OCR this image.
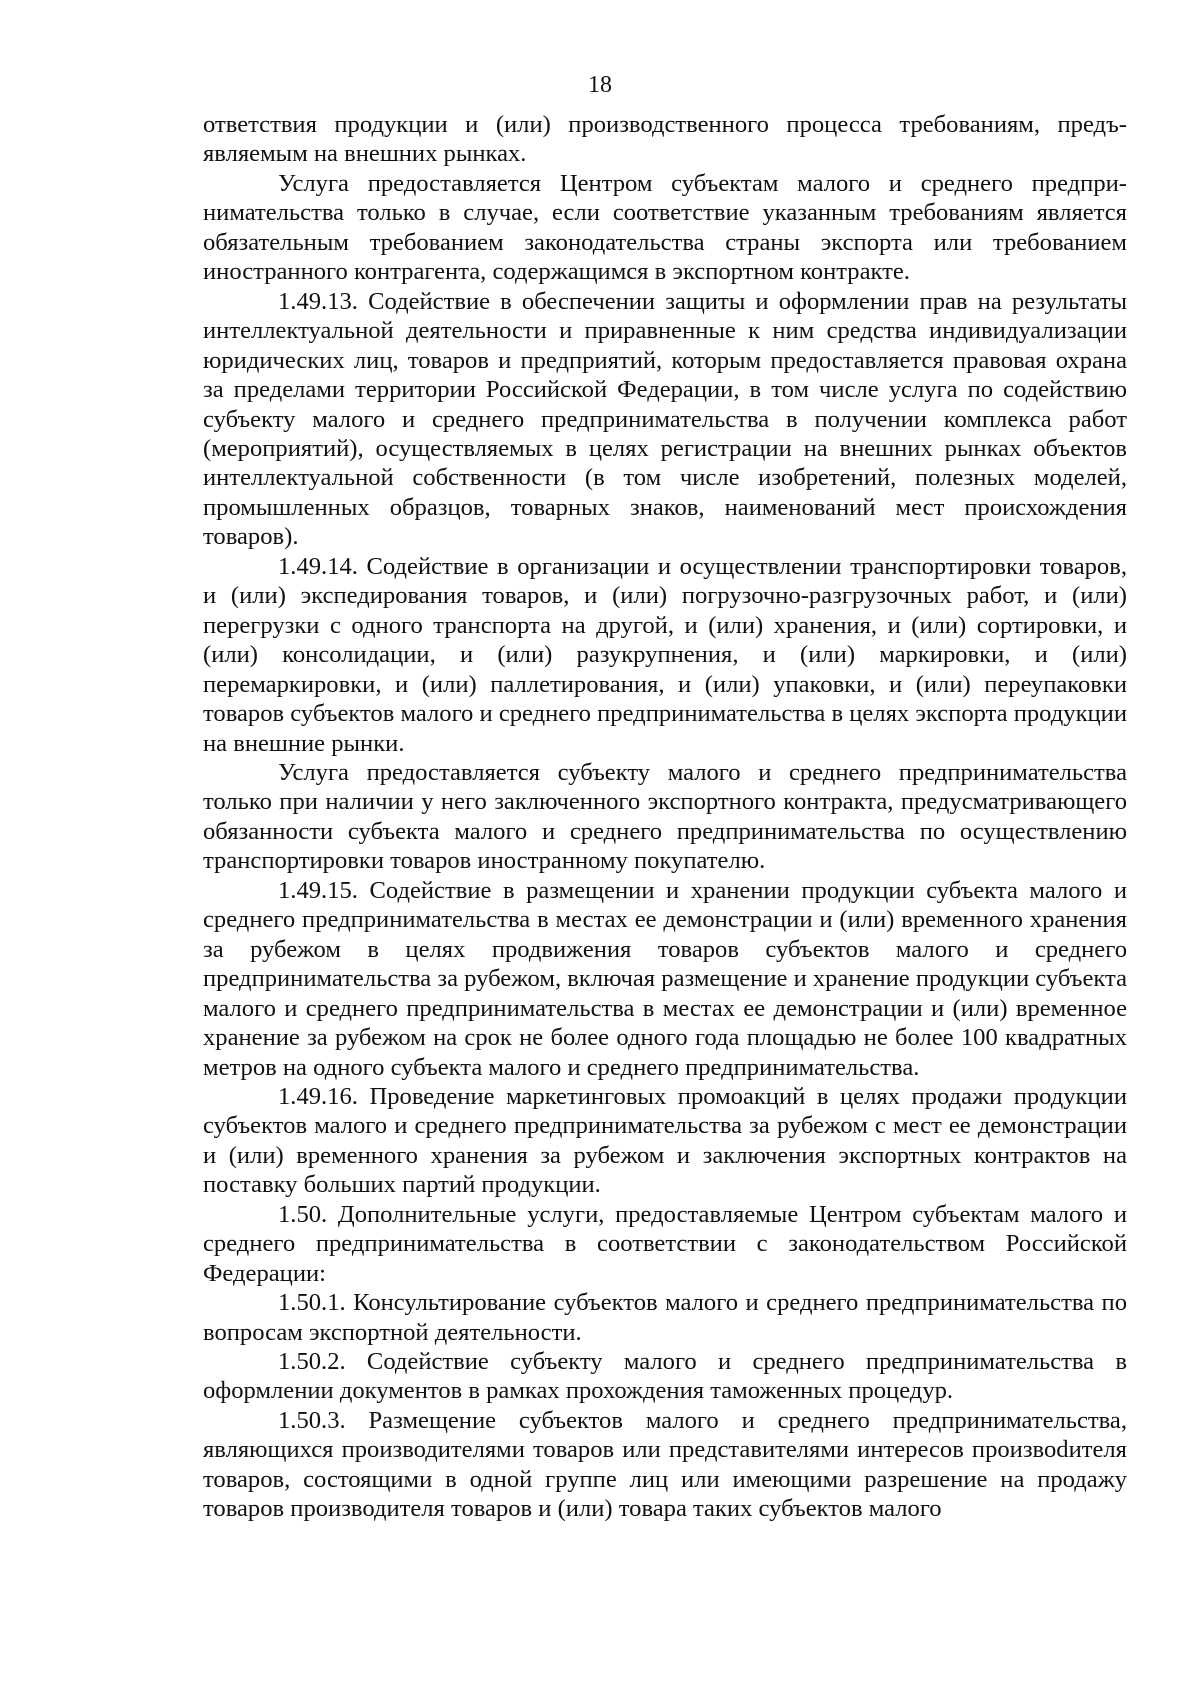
18

ответствия продукции и (или) производственного процесса требованиям, предъявляемым на внешних рынках.

Услуга предоставляется Центром субъектам малого и среднего предпринимательства только в случае, если соответствие указанным требованиям является обязательным требованием законодательства страны экспорта или требованием иностранного контрагента, содержащимся в экспортном контракте.

1.49.13. Содействие в обеспечении защиты и оформлении прав на результаты интеллектуальной деятельности и приравненные к ним средства индивидуализации юридических лиц, товаров и предприятий, которым предоставляется правовая охрана за пределами территории Российской Федерации, в том числе услуга по содействию субъекту малого и среднего предпринимательства в получении комплекса работ (мероприятий), осуществляемых в целях регистрации на внешних рынках объектов интеллектуальной собственности (в том числе изобретений, полезных моделей, промышленных образцов, товарных знаков, наименований мест происхождения товаров).

1.49.14. Содействие в организации и осуществлении транспортировки товаров, и (или) экспедирования товаров, и (или) погрузочно-разгрузочных работ, и (или) перегрузки с одного транспорта на другой, и (или) хранения, и (или) сортировки, и (или) консолидации, и (или) разукрупнения, и (или) маркировки, и (или) перемаркировки, и (или) паллетирования, и (или) упаковки, и (или) переупаковки товаров субъектов малого и среднего предпринимательства в целях экспорта продукции на внешние рынки.

Услуга предоставляется субъекту малого и среднего предпринимательства только при наличии у него заключенного экспортного контракта, предусматривающего обязанности субъекта малого и среднего предпринимательства по осуществлению транспортировки товаров иностранному покупателю.

1.49.15. Содействие в размещении и хранении продукции субъекта малого и среднего предпринимательства в местах ее демонстрации и (или) временного хранения за рубежом в целях продвижения товаров субъектов малого и среднего предпринимательства за рубежом, включая размещение и хранение продукции субъекта малого и среднего предпринимательства в местах ее демонстрации и (или) временное хранение за рубежом на срок не более одного года площадью не более 100 квадратных метров на одного субъекта малого и среднего предпринимательства.

1.49.16. Проведение маркетинговых промоакций в целях продажи продукции субъектов малого и среднего предпринимательства за рубежом с мест ее демонстрации и (или) временного хранения за рубежом и заключения экспортных контрактов на поставку больших партий продукции.

1.50. Дополнительные услуги, предоставляемые Центром субъектам малого и среднего предпринимательства в соответствии с законодательством Российской Федерации:

1.50.1. Консультирование субъектов малого и среднего предпринимательства по вопросам экспортной деятельности.

1.50.2. Содействие субъекту малого и среднего предпринимательства в оформлении документов в рамках прохождения таможенных процедур.

1.50.3. Размещение субъектов малого и среднего предпринимательства, являющихся производителями товаров или представителями интересов произвоdителя товаров, состоящими в одной группе лиц или имеющими разрешение на продажу товаров производителя товаров и (или) товара таких субъектов малого
